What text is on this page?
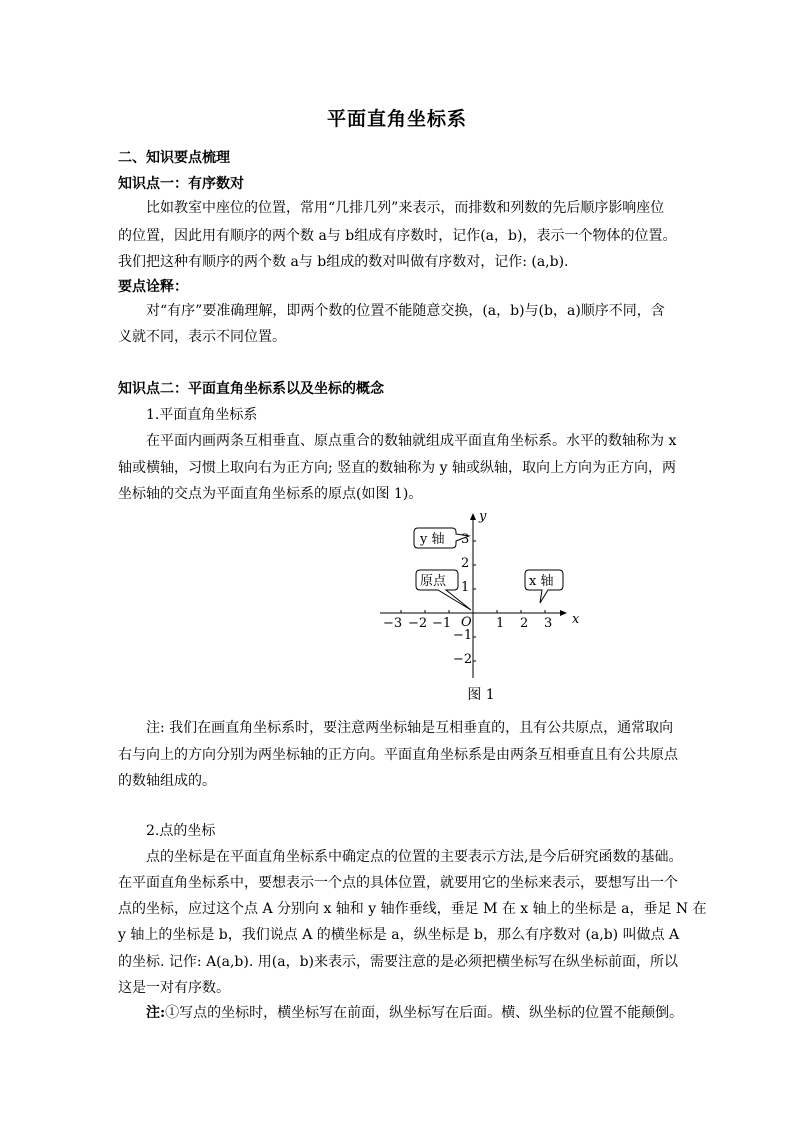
平面直角坐标系
二、知识要点梳理
知识点一：有序数对
比如教室中座位的位置，常用“几排几列”来表示，而排数和列数的先后顺序影响座位
的位置，因此用有顺序的两个数 a与 b组成有序数时，记作(a，b)，表示一个物体的位置。
我们把这种有顺序的两个数 a与 b组成的数对叫做有序数对，记作: (a,b).
要点诠释：
对“有序”要准确理解，即两个数的位置不能随意交换，(a，b)与(b，a)顺序不同，含
义就不同，表示不同位置。
知识点二：平面直角坐标系以及坐标的概念
1.平面直角坐标系
在平面内画两条互相垂直、原点重合的数轴就组成平面直角坐标系。水平的数轴称为 x
轴或横轴，习惯上取向右为正方向; 竖直的数轴称为 y 轴或纵轴，取向上方向为正方向，两
坐标轴的交点为平面直角坐标系的原点(如图 1)。
x
y
O
−3 −2 −1	1 2 3
3
2
1
−1
−2
y 轴
原点	x 轴
图 1
注: 我们在画直角坐标系时，要注意两坐标轴是互相垂直的，且有公共原点，通常取向
右与向上的方向分别为两坐标轴的正方向。平面直角坐标系是由两条互相垂直且有公共原点
的数轴组成的。
2.点的坐标
点的坐标是在平面直角坐标系中确定点的位置的主要表示方法,是今后研究函数的基础。
在平面直角坐标系中，要想表示一个点的具体位置，就要用它的坐标来表示，要想写出一个
点的坐标，应过这个点 A 分别向 x 轴和 y 轴作垂线，垂足 M 在 x 轴上的坐标是 a，垂足 N 在
y 轴上的坐标是 b，我们说点 A 的横坐标是 a，纵坐标是 b，那么有序数对 (a,b) 叫做点 A
的坐标. 记作: A(a,b). 用(a，b)来表示，需要注意的是必须把横坐标写在纵坐标前面，所以
这是一对有序数。
注:①写点的坐标时，横坐标写在前面，纵坐标写在后面。横、纵坐标的位置不能颠倒。
